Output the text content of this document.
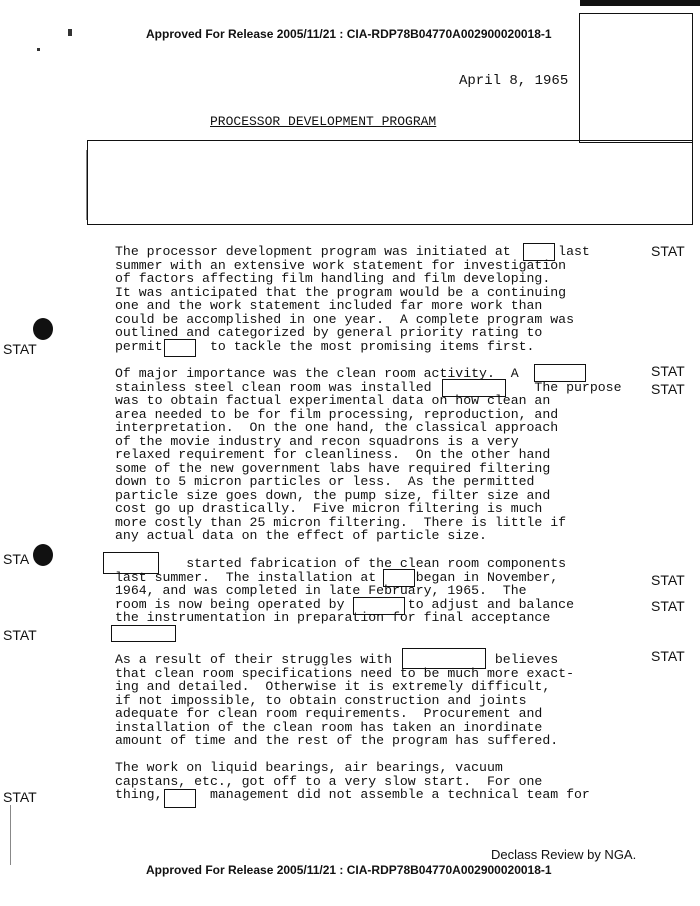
Approved For Release 2005/11/21 : CIA-RDP78B04770A002900020018-1
April 8, 1965
PROCESSOR DEVELOPMENT PROGRAM
The processor development program was initiated at      last
summer with an extensive work statement for investigation
of factors affecting film handling and film developing.
It was anticipated that the program would be a continuing
one and the work statement included far more work than
could be accomplished in one year.  A complete program was
outlined and categorized by general priority rating to
permit      to tackle the most promising items first.
Of major importance was the clean room activity.  A
stainless steel clean room was installed             The purpose
was to obtain factual experimental data on how clean an
area needed to be for film processing, reproduction, and
interpretation.  On the one hand, the classical approach
of the movie industry and recon squadrons is a very
relaxed requirement for cleanliness.  On the other hand
some of the new government labs have required filtering
down to 5 micron particles or less.  As the permitted
particle size goes down, the pump size, filter size and
cost go up drastically.  Five micron filtering is much
more costly than 25 micron filtering.  There is little if
any actual data on the effect of particle size.
started fabrication of the clean room components
last summer.  The installation at     began in November,
1964, and was completed in late February, 1965.  The
room is now being operated by        to adjust and balance
the instrumentation in preparation for final acceptance
As a result of their struggles with             believes
that clean room specifications need to be much more exact-
ing and detailed.  Otherwise it is extremely difficult,
if not impossible, to obtain construction and joints
adequate for clean room requirements.  Procurement and
installation of the clean room has taken an inordinate
amount of time and the rest of the program has suffered.
The work on liquid bearings, air bearings, vacuum
capstans, etc., got off to a very slow start.  For one
thing,      management did not assemble a technical team for
STAT
STAT
STAT
STAT
STAT
STAT
STAT
STA
STAT
STAT
Declass Review by NGA.
Approved For Release 2005/11/21 : CIA-RDP78B04770A002900020018-1
